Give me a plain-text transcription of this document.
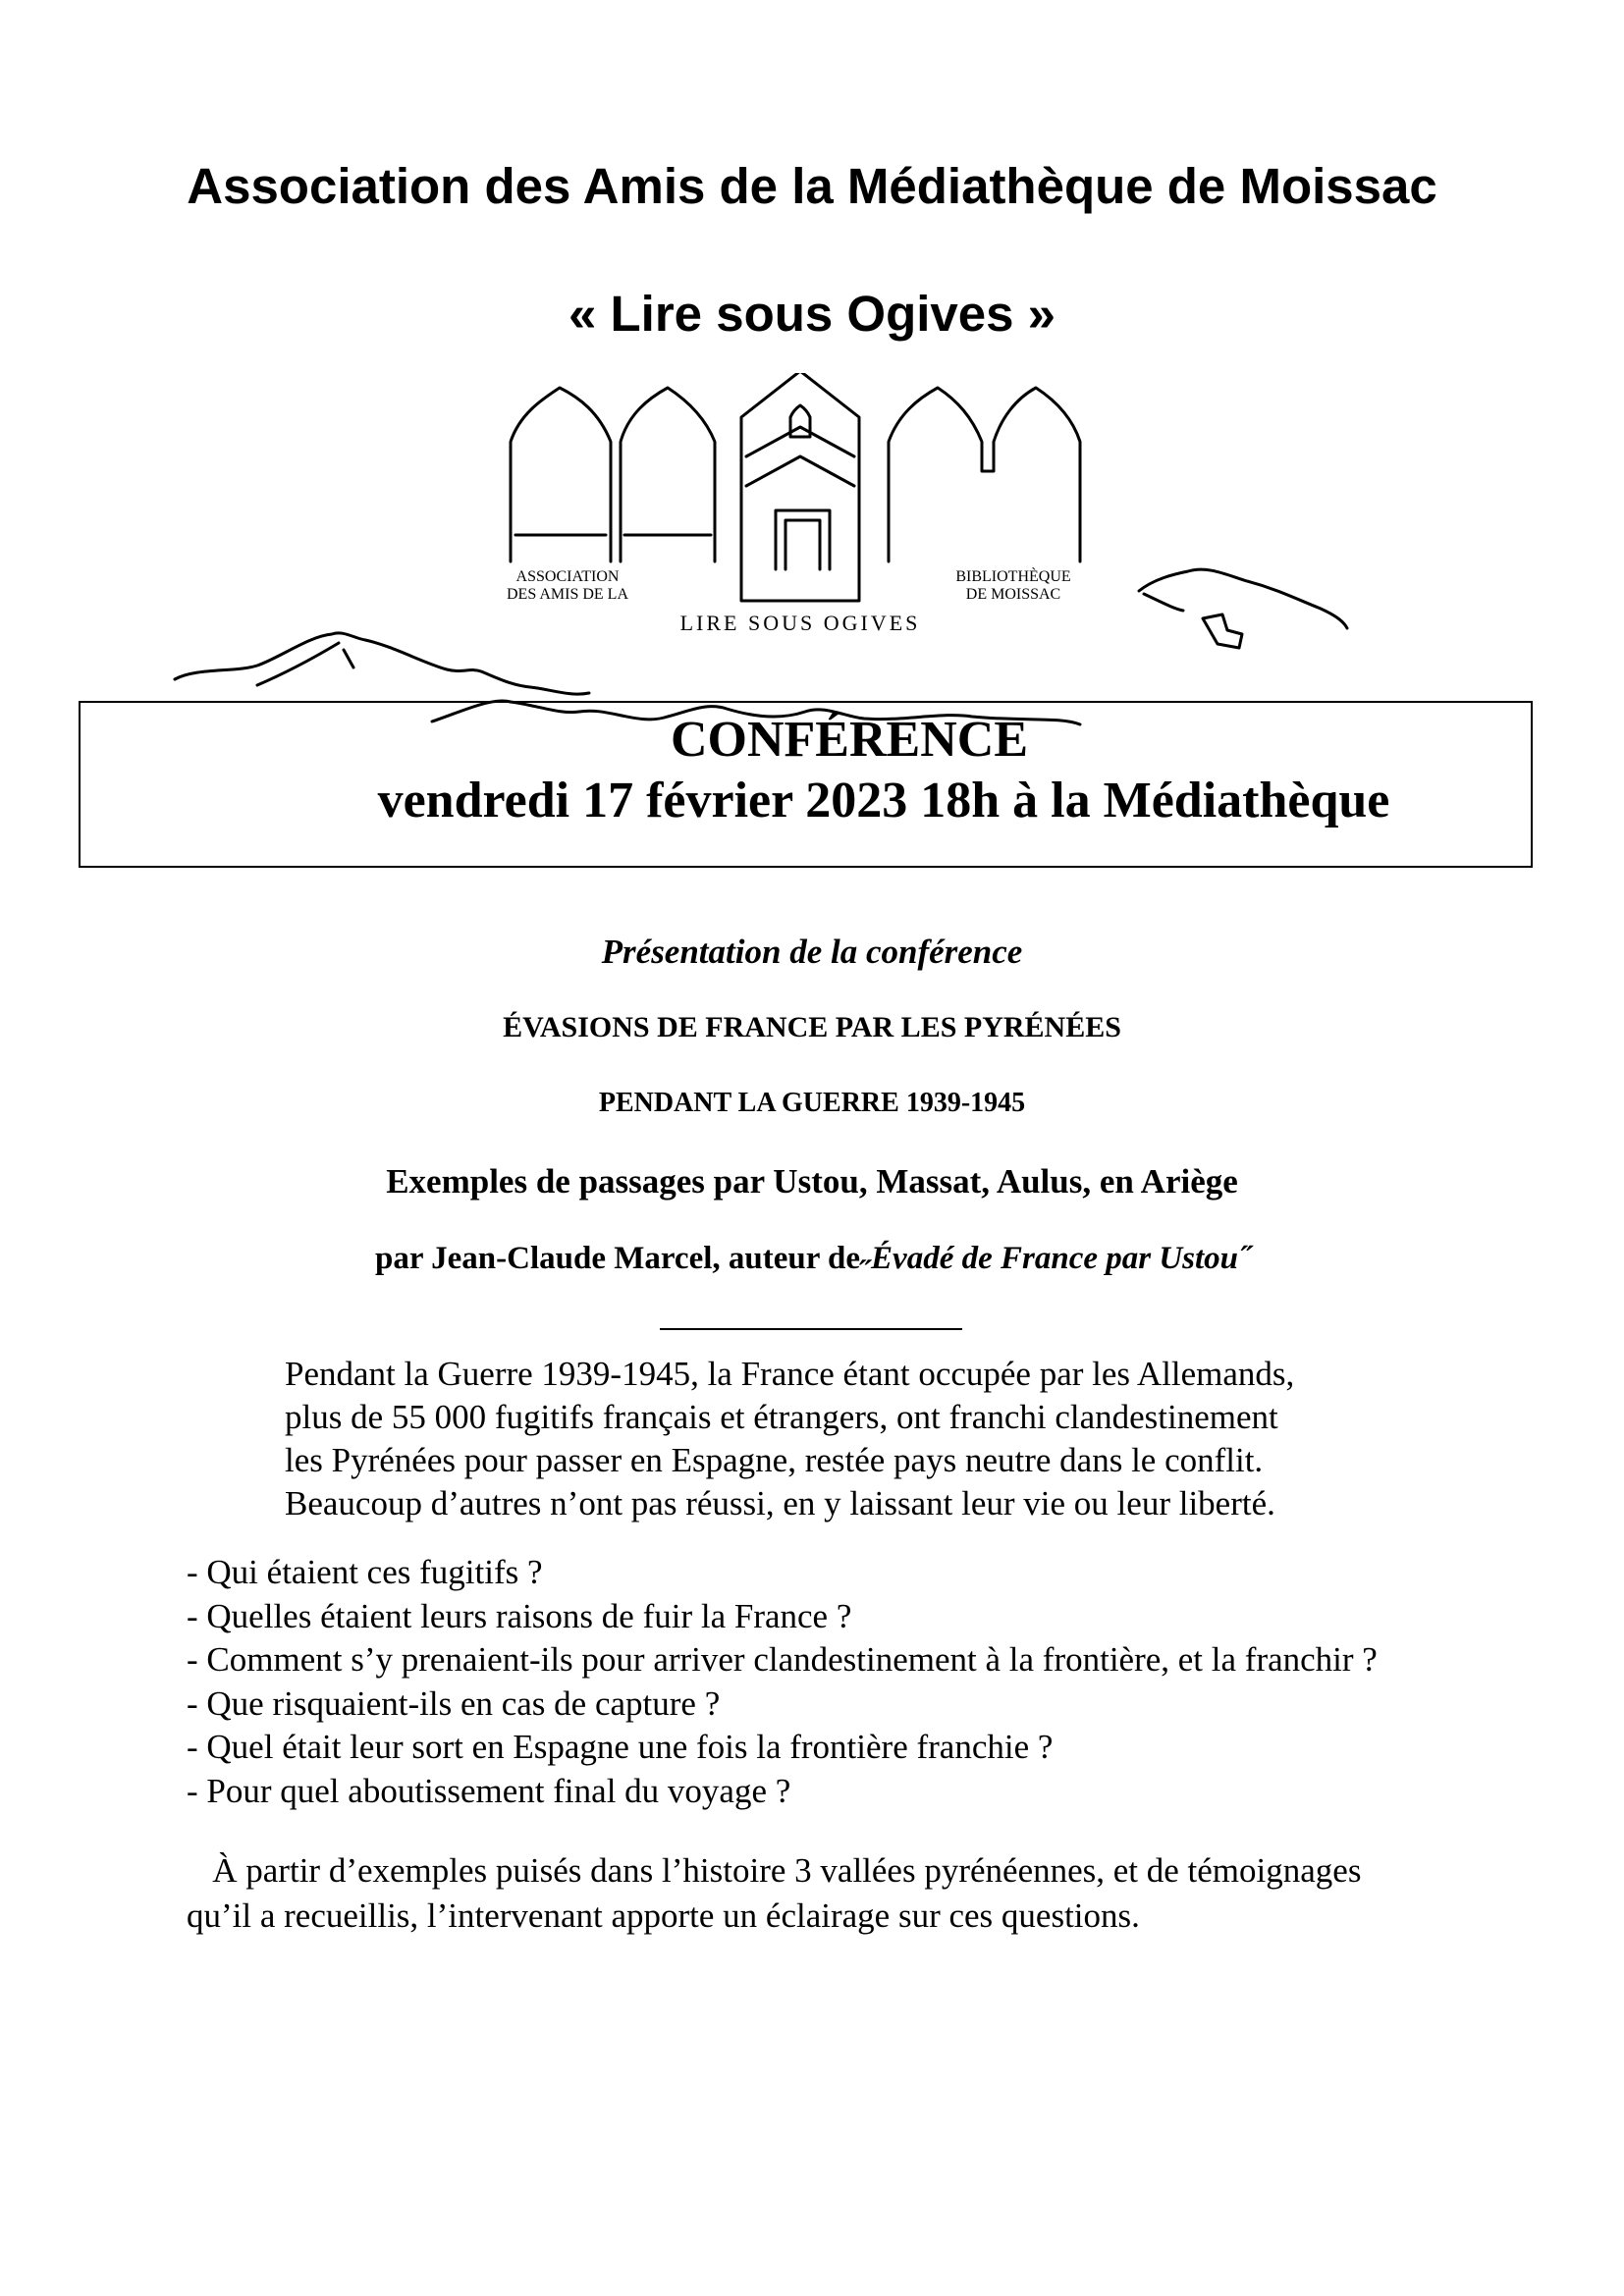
Association des Amis de la Médiathèque de Moissac
« Lire sous Ogives »
ASSOCIATION
DES AMIS DE LA
BIBLIOTHÈQUE
DE MOISSAC
LIRE SOUS OGIVES
CONFÉRENCE
vendredi 17 février 2023 18h à la Médiathèque
Présentation de la conférence
ÉVASIONS DE FRANCE PAR LES PYRÉNÉES
PENDANT LA GUERRE 1939-1945
Exemples de passages par Ustou, Massat, Aulus, en Ariège
par Jean-Claude Marcel, auteur de˶Évadé de France par Ustou˝
Pendant la Guerre 1939-1945, la France étant occupée par les Allemands,
plus de 55 000 fugitifs français et étrangers, ont franchi clandestinement
les Pyrénées pour passer en Espagne, restée pays neutre dans le conflit.
Beaucoup d’autres n’ont pas réussi, en y laissant leur vie ou leur liberté.
- Qui étaient ces fugitifs ?
- Quelles étaient leurs raisons de fuir la France ?
- Comment s’y prenaient-ils pour arriver clandestinement à la frontière, et la franchir ?
- Que risquaient-ils en cas de capture ?
- Quel était leur sort en Espagne une fois la frontière franchie ?
- Pour quel aboutissement final du voyage ?
À partir d’exemples puisés dans l’histoire 3 vallées pyrénéennes, et de témoignages
qu’il a recueillis, l’intervenant apporte un éclairage sur ces questions.
